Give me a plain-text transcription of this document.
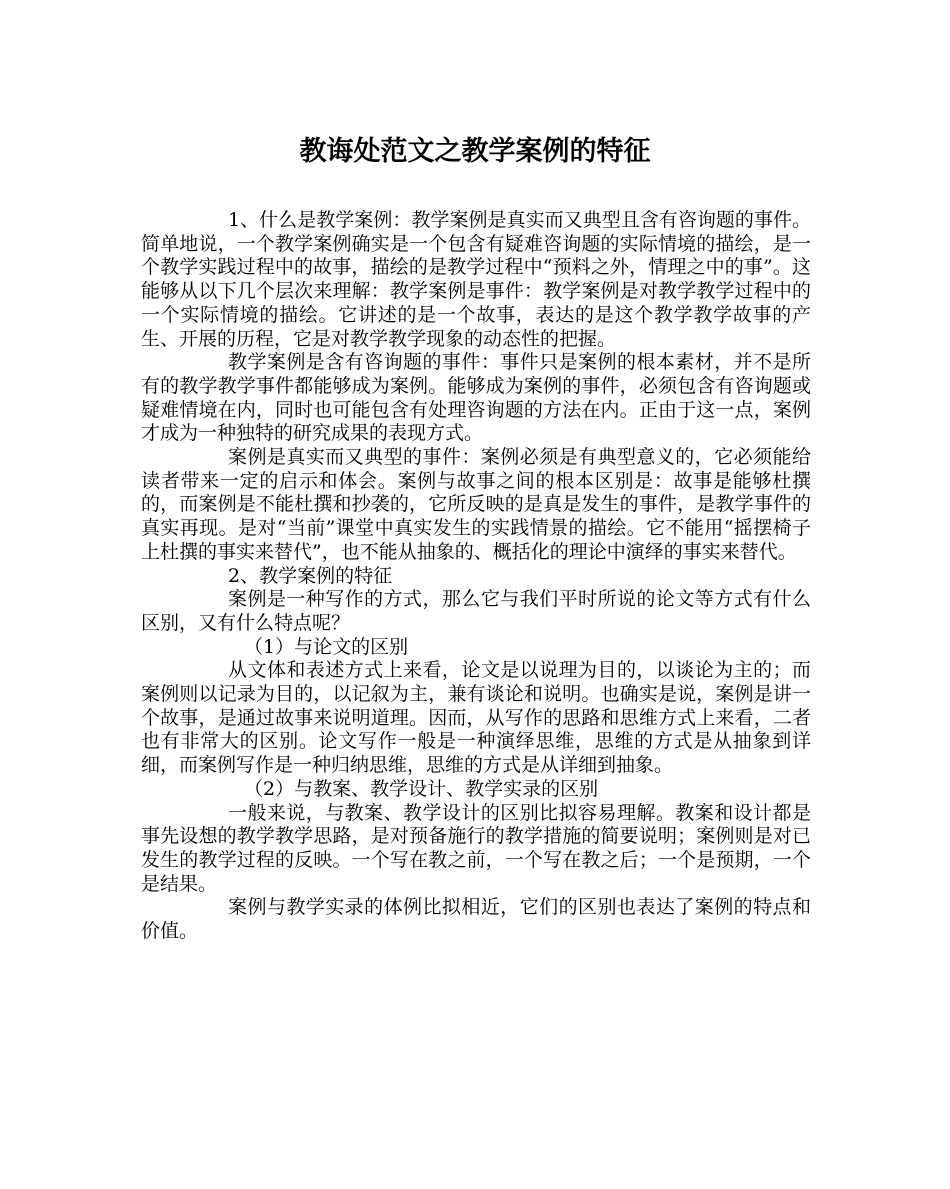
教诲处范文之教学案例的特征

1、什么是教学案例：教学案例是真实而又典型且含有咨询题的事件。简单地说，一个教学案例确实是一个包含有疑难咨询题的实际情境的描绘，是一个教学实践过程中的故事，描绘的是教学过程中“预料之外，情理之中的事”。这能够从以下几个层次来理解：教学案例是事件：教学案例是对教学教学过程中的一个实际情境的描绘。它讲述的是一个故事，表达的是这个教学教学故事的产生、开展的历程，它是对教学教学现象的动态性的把握。

教学案例是含有咨询题的事件：事件只是案例的根本素材，并不是所有的教学教学事件都能够成为案例。能够成为案例的事件，必须包含有咨询题或疑难情境在内，同时也可能包含有处理咨询题的方法在内。正由于这一点，案例才成为一种独特的研究成果的表现方式。

案例是真实而又典型的事件：案例必须是有典型意义的，它必须能给读者带来一定的启示和体会。案例与故事之间的根本区别是：故事是能够杜撰的，而案例是不能杜撰和抄袭的，它所反映的是真是发生的事件，是教学事件的真实再现。是对“当前”课堂中真实发生的实践情景的描绘。它不能用“摇摆椅子上杜撰的事实来替代”，也不能从抽象的、概括化的理论中演绎的事实来替代。

2、教学案例的特征

案例是一种写作的方式，那么它与我们平时所说的论文等方式有什么区别，又有什么特点呢？

（1）与论文的区别

从文体和表述方式上来看，论文是以说理为目的，以谈论为主的；而案例则以记录为目的，以记叙为主，兼有谈论和说明。也确实是说，案例是讲一个故事，是通过故事来说明道理。因而，从写作的思路和思维方式上来看，二者也有非常大的区别。论文写作一般是一种演绎思维，思维的方式是从抽象到详细，而案例写作是一种归纳思维，思维的方式是从详细到抽象。

（2）与教案、教学设计、教学实录的区别

一般来说，与教案、教学设计的区别比拟容易理解。教案和设计都是事先设想的教学教学思路，是对预备施行的教学措施的简要说明；案例则是对已发生的教学过程的反映。一个写在教之前，一个写在教之后；一个是预期，一个是结果。

案例与教学实录的体例比拟相近，它们的区别也表达了案例的特点和价值。
